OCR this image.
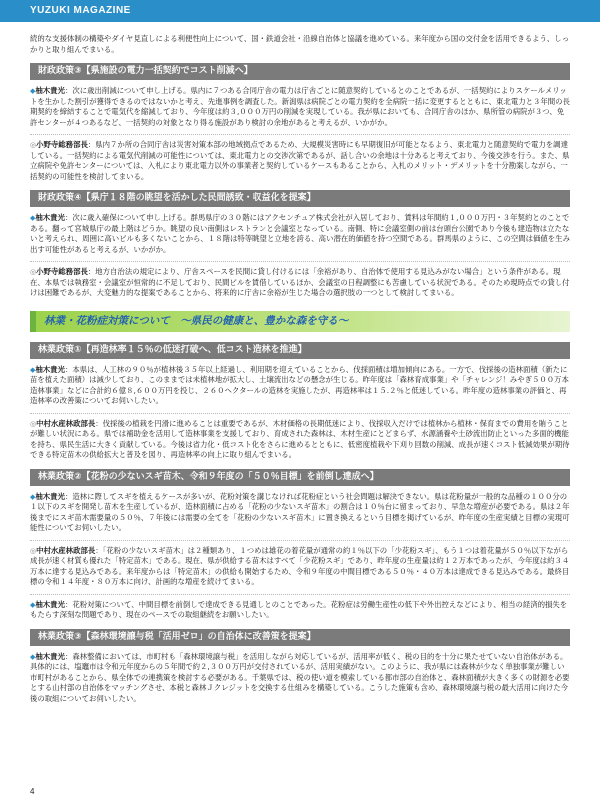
YUZUKI MAGAZINE

続的な支援体制の構築やダイヤ見直しによる利便性向上について、国・鉄道会社・沿線自治体と協議を進めている。来年度から国の交付金を活用できるよう、しっかりと取り組んでまいる。

財政政策③【県施設の電力一括契約でコスト削減へ】

◆柚木貴光：次に歳出削減について申し上げる。県内に７つある合同庁舎の電力は庁舎ごとに随意契約しているとのことであるが、一括契約によりスケールメリットを生かした割引が獲得できるのではないかと考え、先進事例を調査した。新潟県は病院ごとの電力契約を全病院一括に変更するとともに、東北電力と３年間の長期契約を締結することで電気代を縮減しており、今年度は約３,０００万円の削減を実現している。我が県においても、合同庁舎のほか、県所管の病院が３つ、免許センターが４つあるなど、一括契約の対象となり得る施設があり検討の余地があると考えるが、いかがか。

◎小野寺総務部長：県内７か所の合同庁舎は災害対策本部の地域拠点であるため、大規模災害時にも早期復旧が可能となるよう、東北電力と随意契約で電力を調達している。一括契約による電気代削減の可能性については、東北電力との交渉次第であるが、話し合いの余地は十分あると考えており、今後交渉を行う。また、県立病院や免許センターについては、入札により東北電力以外の事業者と契約しているケースもあることから、入札のメリット・デメリットを十分勘案しながら、一括契約の可能性を検討してまいる。

財政政策④【県庁１８階の眺望を活かした民間誘致・収益化を提案】

◆柚木貴光：次に歳入確保について申し上げる。群馬県庁の３０階にはアクセンチュア株式会社が入居しており、賃料は年間約１,０００万円・３年契約とのことである。翻って宮城県庁の最上階はどうか。眺望の良い南側はレストランと会議室となっている。南側、特に会議室側の前は台頭台公園であり今後も建造物は立たないと考えられ、周囲に高いビルも多くないことから、１８階は特等眺望と立地を誇る、高い潜在的価値を持つ空間である。群馬県のように、この空間は価値を生み出す可能性があると考えるが、いかがか。

◎小野寺総務部長：地方自治法の規定により、庁舎スペースを民間に貸し付けるには「余裕があり、自治体で使用する見込みがない場合」という条件がある。現在、本県では執務室・会議室が恒常的に不足しており、民間ビルを賃借しているほか、会議室の日程調整にも苦慮している状況である。そのため現時点での貸し付けは困難であるが、大変魅力的な提案であることから、将来的に庁舎に余裕が生じた場合の選択肢の一つとして検討してまいる。

林業・花粉症対策について　～県民の健康と、豊かな森を守る～
林業政策①【再造林率１５％の低迷打破へ、低コスト造林を推進】

◆柚木貴光：本県は、人工林の９０％が植林後３５年以上経過し、利用期を迎えていることから、伐採面積は増加傾向にある。一方で、伐採後の造林面積（新たに苗を植えた面積）は減少しており、このままでは未植林地が拡大し、土壌流出などの懸念が生じる。昨年度は「森林育成事業」や「チャレンジ！みやぎ５００万本造林事業」などに合計約６億８,６００万円を投じ、２６０ヘクタールの造林を実施したが、再造林率は１５.２％と低迷している。昨年度の造林事業の評価と、再造林率の改善策についてお伺いしたい。

◎中村水産林政部長：伐採後の植栽を円滑に進めることは重要であるが、木材価格の長期低迷により、伐採収入だけでは植林から植林・保育までの費用を賄うことが難しい状況にある。県では補助金を活用して造林事業を支援しており、育成された森林は、木材生産にとどまらず、水源涵養や土砂流出防止といった多面的機能を持ち、県民生活に大きく貢献している。今後は省力化・低コスト化をさらに進めるとともに、低密度植栽や下刈り回数の削減、成長が速くコスト低減効果が期待できる特定苗木の供給拡大と普及を図り、再造林率の向上に取り組んでまいる。

林業政策②【花粉の少ないスギ苗木、令和９年度の「５０％目標」を前倒し達成へ】

◆柚木貴光：造林に際してスギを植えるケースが多いが、花粉対策を講じなければ花粉症という社会問題は解決できない。県は花粉量が一般的な品種の１００分の１以下のスギを開発し苗木を生産しているが、造林面積に占める「花粉の少ないスギ苗木」の割合は１０％台に留まっており、早急な増産が必要である。県は２年後までにスギ苗木需要量の５０％、７年後には需要の全てを「花粉の少ないスギ苗木」に置き換えるという目標を掲げているが、昨年度の生産実績と目標の実現可能性についてお伺いしたい。

◎中村水産林政部長：「花粉の少ないスギ苗木」は２種類あり、１つめは雄花の着花量が通常の約１％以下の「少花粉スギ」、もう１つは着花量が５０％以下ながら成長が速く材質も優れた「特定苗木」である。現在、県が供給する苗木はすべて「少花粉スギ」であり、昨年度の生産量は約１２万本であったが、今年度は約３４万本に達する見込みである。来年度からは「特定苗木」の供給も開始するため、令和９年度の中間目標である５０％・４０万本は達成できる見込みである。最終目標の令和１４年度・８０万本に向け、計画的な増産を続けてまいる。

◆柚木貴光：花粉対策について、中間目標を前倒しで達成できる見通しとのことであった。花粉症は労働生産性の低下や外出控えなどにより、相当の経済的損失をもたらす深刻な問題であり、現在のペースでの取組継続をお願いしたい。

林業政策③【森林環境譲与税「活用ゼロ」の自治体に改善策を提案】

◆柚木貴光：森林整備においては、市町村も「森林環境譲与税」を活用しながら対応しているが、活用率が低く、税の目的を十分に果たせていない自治体がある。具体的には、塩竈市は令和元年度からの５年間で約２,３００万円が交付されているが、活用実績がない。このように、我が県には森林が少なく単独事業が難しい市町村があることから、県全体での連携策を検討する必要がある。千葉県では、税の使い道を模索している都市部の自治体と、森林面積が大きく多くの財源を必要とする山村部の自治体をマッチングさせ、本税と森林Ｊクレジットを交換する仕組みを構築している。こうした施策も含め、森林環境譲与税の最大活用に向けた今後の取組についてお伺いしたい。

4
